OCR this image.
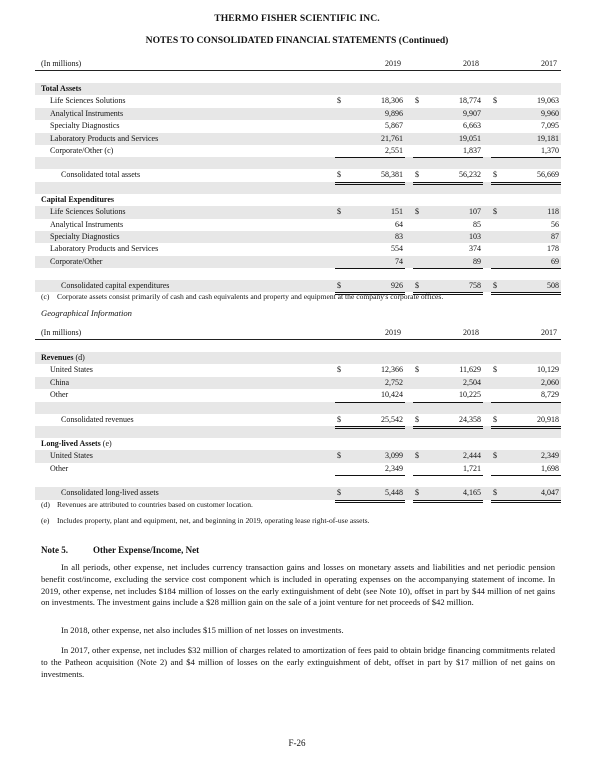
THERMO FISHER SCIENTIFIC INC.
NOTES TO CONSOLIDATED FINANCIAL STATEMENTS (Continued)
(In millions)	2019	2018	2017
Total Assets
Life Sciences Solutions	$	18,306 $	18,774 $	19,063
Analytical Instruments	9,896	9,907	9,960
Specialty Diagnostics	5,867	6,663	7,095
Laboratory Products and Services	21,761	19,051	19,181
Corporate/Other (c)	2,551	1,837	1,370
Consolidated total assets	$	58,381 $	56,232 $	56,669
Capital Expenditures
Life Sciences Solutions	$	151 $	107 $	118
Analytical Instruments	64	85	56
Specialty Diagnostics	83	103	87
Laboratory Products and Services	554	374	178
Corporate/Other	74	89	69
Consolidated capital expenditures	$	926 $	758 $	508
(c) Corporate assets consist primarily of cash and cash equivalents and property and equipment at the company's corporate offices.
Geographical Information
(In millions)	2019	2018	2017
Revenues (d)
United States	$	12,366 $	11,629 $	10,129
China	2,752	2,504	2,060
Other	10,424	10,225	8,729
Consolidated revenues	$	25,542 $	24,358 $	20,918
Long-lived Assets (e)
United States	$	3,099 $	2,444 $	2,349
Other	2,349	1,721	1,698
Consolidated long-lived assets	$	5,448 $	4,165 $	4,047
(d) Revenues are attributed to countries based on customer location.
(e) Includes property, plant and equipment, net, and beginning in 2019, operating lease right-of-use assets.
Note 5.	Other Expense/Income, Net

In all periods, other expense, net includes currency transaction gains and losses on monetary assets and liabilities and net periodic pension benefit cost/income, excluding the service cost component which is included in operating expenses on the accompanying statement of income. In 2019, other expense, net includes $184 million of losses on the early extinguishment of debt (see Note 10), offset in part by $44 million of net gains on investments. The investment gains include a $28 million gain on the sale of a joint venture for net proceeds of $42 million.

In 2018, other expense, net also includes $15 million of net losses on investments.

In 2017, other expense, net includes $32 million of charges related to amortization of fees paid to obtain bridge financing commitments related to the Patheon acquisition (Note 2) and $4 million of losses on the early extinguishment of debt, offset in part by $17 million of net gains on investments.

F-26
